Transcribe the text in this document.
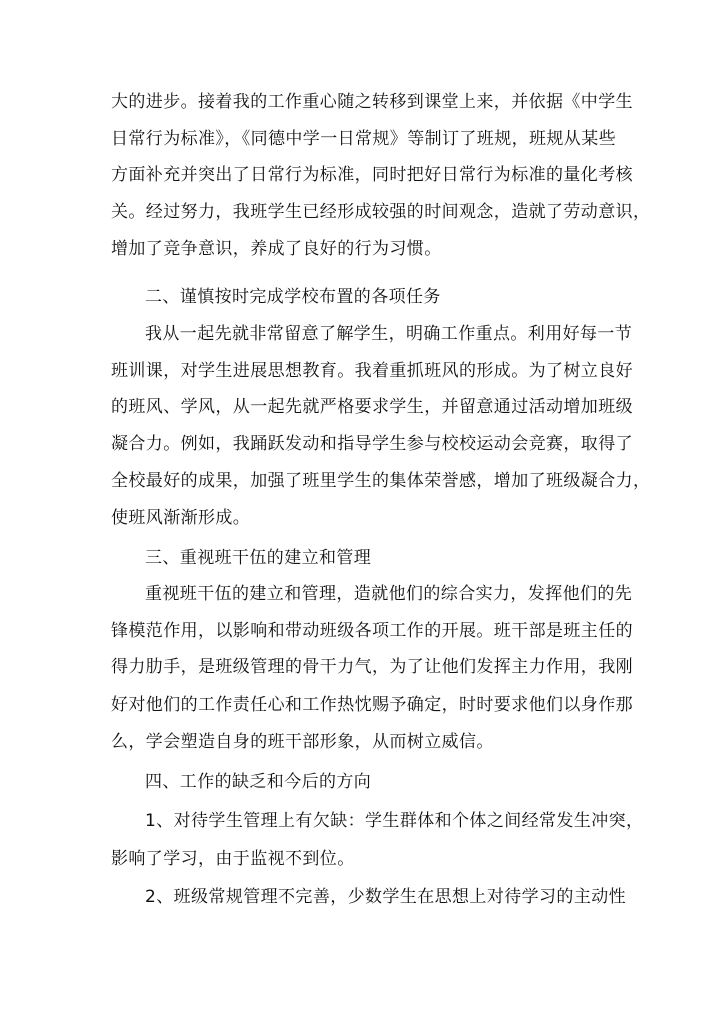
大的进步。接着我的工作重心随之转移到课堂上来，并依据《中学生
日常行为标准》，《同德中学一日常规》等制订了班规，班规从某些
方面补充并突出了日常行为标准，同时把好日常行为标准的量化考核
关。经过努力，我班学生已经形成较强的时间观念，造就了劳动意识，
增加了竞争意识，养成了良好的行为习惯。
二、谨慎按时完成学校布置的各项任务
我从一起先就非常留意了解学生，明确工作重点。利用好每一节
班训课，对学生进展思想教育。我着重抓班风的形成。为了树立良好
的班风、学风，从一起先就严格要求学生，并留意通过活动增加班级
凝合力。例如，我踊跃发动和指导学生参与校校运动会竞赛，取得了
全校最好的成果，加强了班里学生的集体荣誉感，增加了班级凝合力，
使班风渐渐形成。
三、重视班干伍的建立和管理
重视班干伍的建立和管理，造就他们的综合实力，发挥他们的先
锋模范作用，以影响和带动班级各项工作的开展。班干部是班主任的
得力肋手，是班级管理的骨干力气，为了让他们发挥主力作用，我刚
好对他们的工作责任心和工作热忱赐予确定，时时要求他们以身作那
么，学会塑造自身的班干部形象，从而树立威信。
四、工作的缺乏和今后的方向
1、对待学生管理上有欠缺：学生群体和个体之间经常发生冲突，
影响了学习，由于监视不到位。
2、班级常规管理不完善，少数学生在思想上对待学习的主动性
